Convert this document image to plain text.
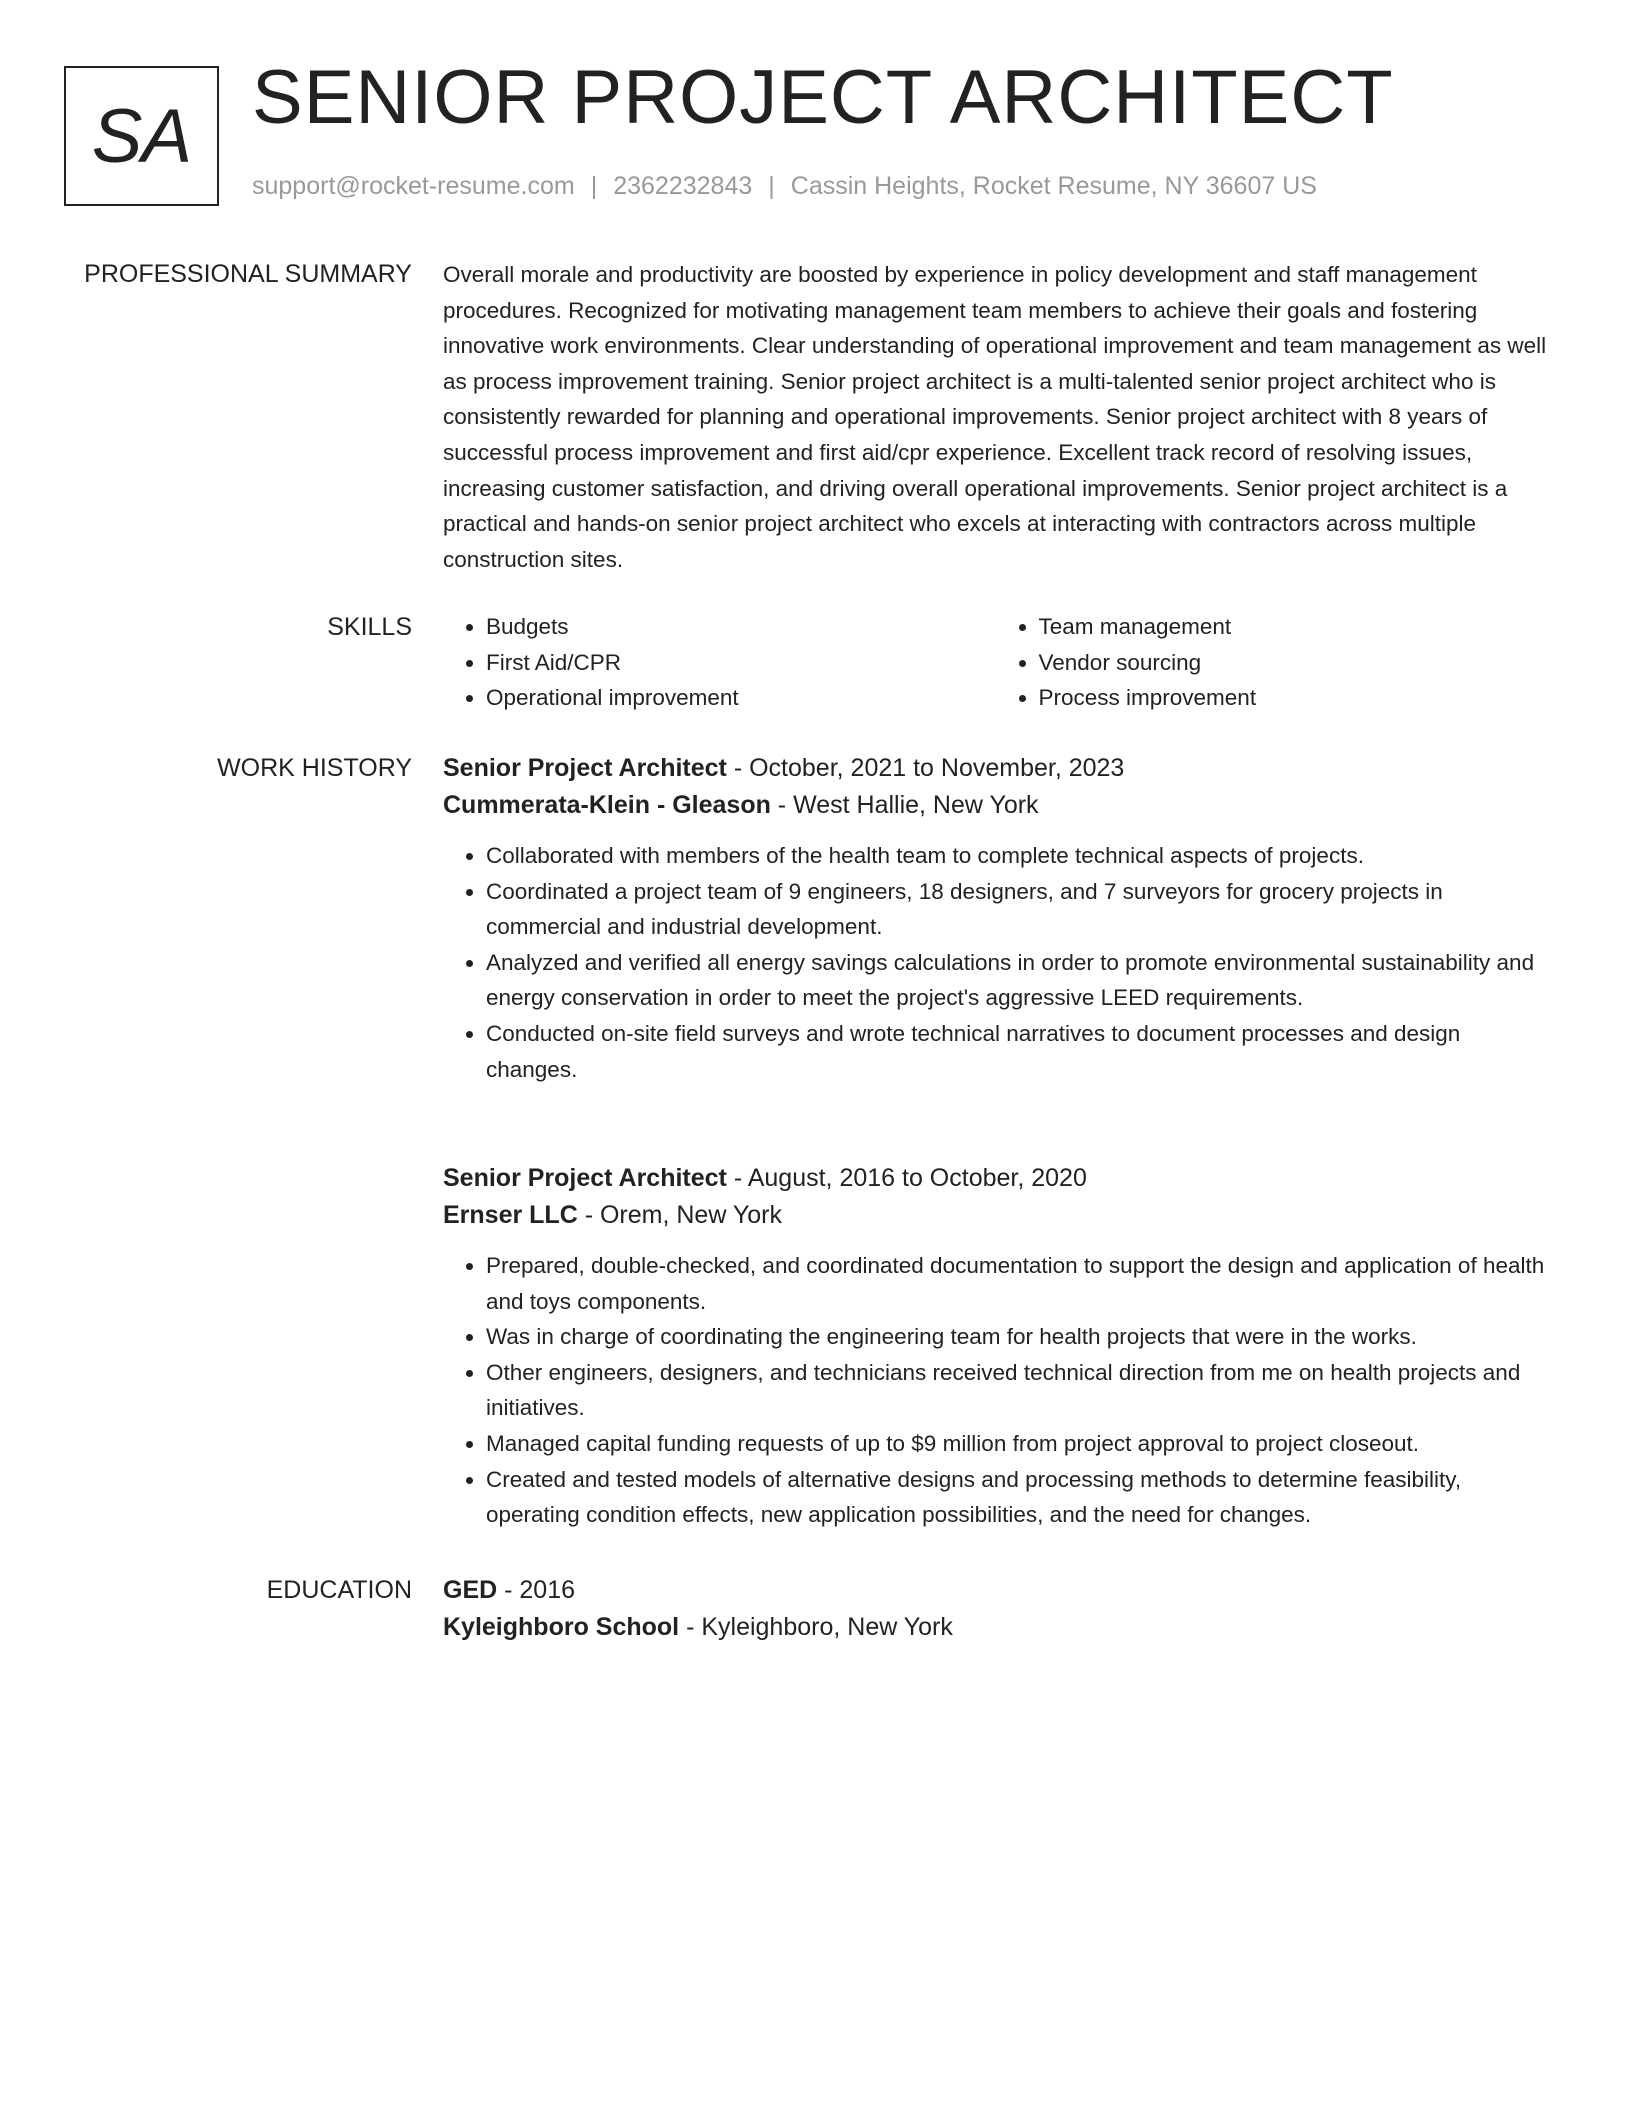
SA SENIOR PROJECT ARCHITECT
support@rocket-resume.com | 2362232843 | Cassin Heights, Rocket Resume, NY 36607 US
PROFESSIONAL SUMMARY Overall morale and productivity are boosted by experience in policy development and staff management procedures. Recognized for motivating management team members to achieve their goals and fostering innovative work environments. Clear understanding of operational improvement and team management as well as process improvement training. Senior project architect is a multi-talented senior project architect who is consistently rewarded for planning and operational improvements. Senior project architect with 8 years of successful process improvement and first aid/cpr experience. Excellent track record of resolving issues, increasing customer satisfaction, and driving overall operational improvements. Senior project architect is a practical and hands-on senior project architect who excels at interacting with contractors across multiple construction sites.

SKILLS
•	Budgets
• First Aid/CPR
• Operational improvement
• Team management
• Vendor sourcing
• Process improvement
WORK HISTORY Senior Project Architect - October, 2021 to November, 2023
Cummerata-Klein - Gleason - West Hallie, New York
• Collaborated with members of the health team to complete technical aspects of projects.
• Coordinated a project team of 9 engineers, 18 designers, and 7 surveyors for grocery projects in commercial and industrial development.
• Analyzed and verified all energy savings calculations in order to promote environmental sustainability and energy conservation in order to meet the project's aggressive LEED requirements.
• Conducted on-site field surveys and wrote technical narratives to document processes and design changes.
Senior Project Architect - August, 2016 to October, 2020
Ernser LLC - Orem, New York
• Prepared, double-checked, and coordinated documentation to support the design and application of health and toys components.
• Was in charge of coordinating the engineering team for health projects that were in the works.
• Other engineers, designers, and technicians received technical direction from me on health projects and initiatives.
• Managed capital funding requests of up to $9 million from project approval to project closeout.
• Created and tested models of alternative designs and processing methods to determine feasibility, operating condition effects, new application possibilities, and the need for changes.
EDUCATION GED - 2016
Kyleighboro School - Kyleighboro, New York
